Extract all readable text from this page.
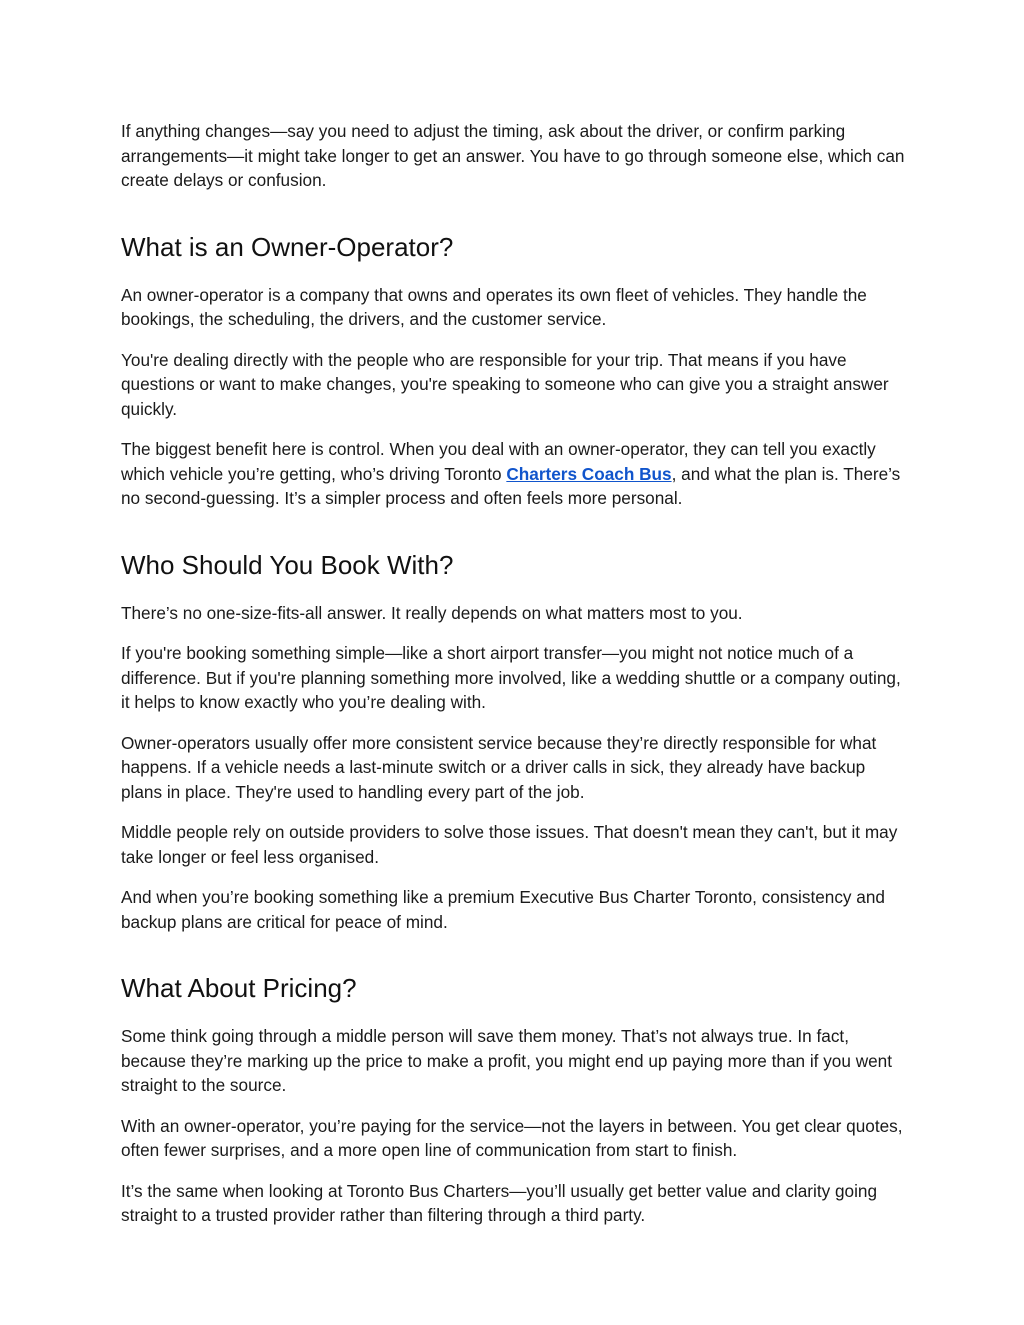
If anything changes—say you need to adjust the timing, ask about the driver, or confirm parking arrangements—it might take longer to get an answer. You have to go through someone else, which can create delays or confusion.

What is an Owner-Operator?

An owner-operator is a company that owns and operates its own fleet of vehicles. They handle the bookings, the scheduling, the drivers, and the customer service.

You're dealing directly with the people who are responsible for your trip. That means if you have questions or want to make changes, you're speaking to someone who can give you a straight answer quickly.

The biggest benefit here is control. When you deal with an owner-operator, they can tell you exactly which vehicle you’re getting, who’s driving Toronto Charters Coach Bus, and what the plan is. There’s no second-guessing. It’s a simpler process and often feels more personal.

Who Should You Book With?

There’s no one-size-fits-all answer. It really depends on what matters most to you.

If you're booking something simple—like a short airport transfer—you might not notice much of a difference. But if you're planning something more involved, like a wedding shuttle or a company outing, it helps to know exactly who you’re dealing with.

Owner-operators usually offer more consistent service because they’re directly responsible for what happens. If a vehicle needs a last-minute switch or a driver calls in sick, they already have backup plans in place. They're used to handling every part of the job.

Middle people rely on outside providers to solve those issues. That doesn't mean they can't, but it may take longer or feel less organised.

And when you’re booking something like a premium Executive Bus Charter Toronto, consistency and backup plans are critical for peace of mind.

What About Pricing?

Some think going through a middle person will save them money. That’s not always true. In fact, because they’re marking up the price to make a profit, you might end up paying more than if you went straight to the source.

With an owner-operator, you’re paying for the service—not the layers in between. You get clear quotes, often fewer surprises, and a more open line of communication from start to finish.

It’s the same when looking at Toronto Bus Charters—you’ll usually get better value and clarity going straight to a trusted provider rather than filtering through a third party.
